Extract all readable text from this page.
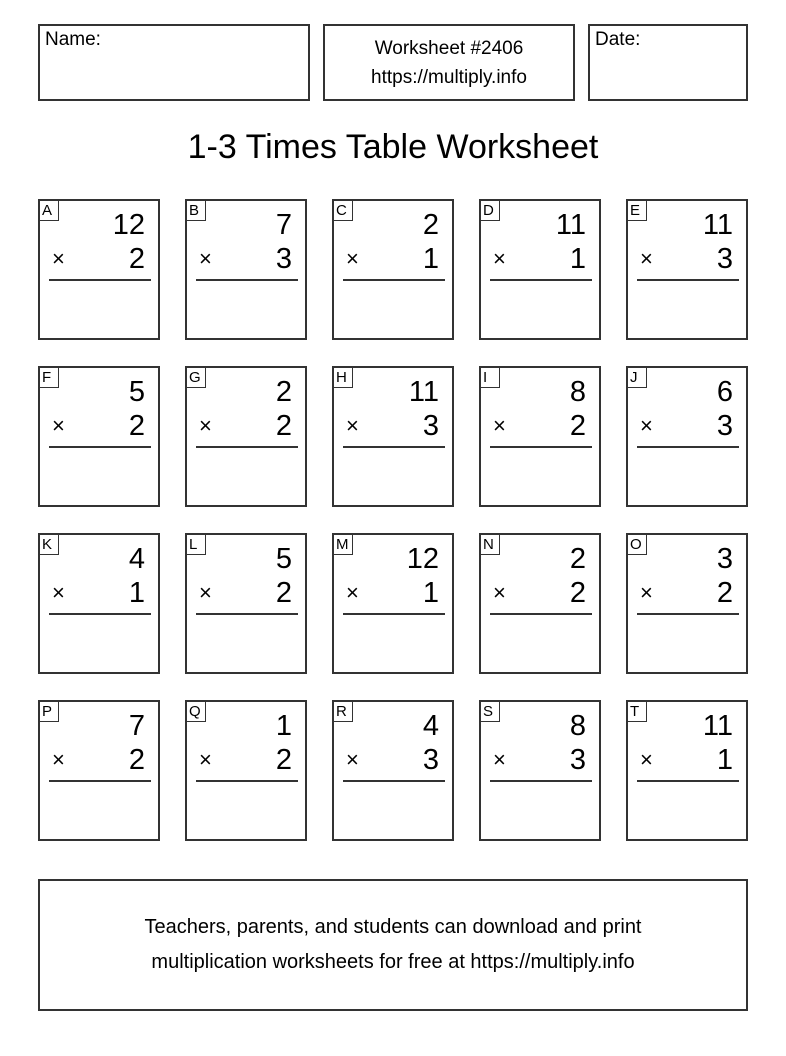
Name:	Worksheet #2406
https://multiply.info
Date:
1-3 Times Table Worksheet
A 12
× 2
B	7
× 3
C	2
× 1
D 11
× 1
E 11
× 3
F	5
× 2
G	2
× 2
H 11
× 3
I	8
× 2
J	6
× 3
K	4
× 1
L	5
× 2
M 12
× 1
N	2
× 2
O	3
× 2
P	7
× 2
Q	1
× 2
R	4
× 3
S	8
× 3
T 11
× 1
Teachers, parents, and students can download and print
multiplication worksheets for free at https://multiply.info
